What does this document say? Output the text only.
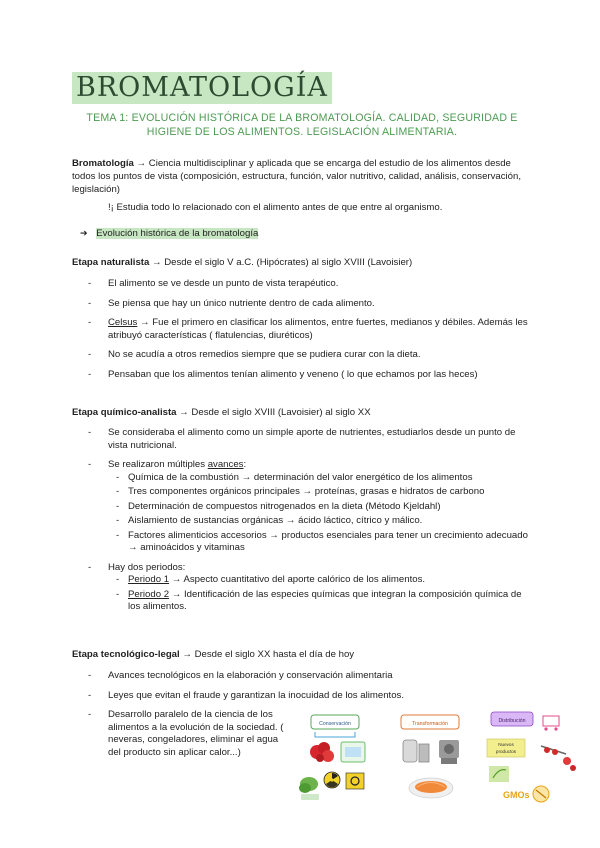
BROMATOLOGÍA
TEMA 1: EVOLUCIÓN HISTÓRICA DE LA BROMATOLOGÍA. CALIDAD, SEGURIDAD E HIGIENE DE LOS ALIMENTOS. LEGISLACIÓN ALIMENTARIA.
Bromatología → Ciencia multidisciplinar y aplicada que se encarga del estudio de los alimentos desde todos los puntos de vista (composición, estructura, función, valor nutritivo, calidad, análisis, conservación, legislación)
!¡ Estudia todo lo relacionado con el alimento antes de que entre al organismo.
➔ Evolución histórica de la bromatología
Etapa naturalista → Desde el siglo V a.C. (Hipócrates) al siglo XVIII (Lavoisier)
- El alimento se ve desde un punto de vista terapéutico.
- Se piensa que hay un único nutriente dentro de cada alimento.
- Celsus → Fue el primero en clasificar los alimentos, entre fuertes, medianos y débiles. Además les atribuyó características ( flatulencias, diuréticos)
- No se acudía a otros remedios siempre que se pudiera curar con la dieta.
- Pensaban que los alimentos tenían alimento y veneno ( lo que echamos por las heces)
Etapa químico-analista → Desde el siglo XVIII (Lavoisier) al siglo XX
- Se consideraba el alimento como un simple aporte de nutrientes, estudiarlos desde un punto de vista nutricional.
- Se realizaron múltiples avances:
- Química de la combustión → determinación del valor energético de los alimentos
- Tres componentes orgánicos principales → proteínas, grasas e hidratos de carbono
- Determinación de compuestos nitrogenados en la dieta (Método Kjeldahl)
- Aislamiento de sustancias orgánicas → ácido láctico, cítrico y málico.
- Factores alimenticios accesorios → productos esenciales para tener un crecimiento adecuado → aminoácidos y vitaminas
- Hay dos periodos:
- Periodo 1 → Aspecto cuantitativo del aporte calórico de los alimentos.
- Periodo 2 → Identificación de las especies químicas que integran la composición química de los alimentos.
Etapa tecnológico-legal → Desde el siglo XX hasta el día de hoy
- Avances tecnológicos en la elaboración y conservación alimentaria
- Leyes que evitan el fraude y garantizan la inocuidad de los alimentos.
- Desarrollo paralelo de la ciencia de los alimentos a la evolución de la sociedad. ( neveras, congeladores, eliminar el agua del producto sin aplicar calor...)
Conservación	Transformación	Distribución
Nuevos
productos
GMOs
